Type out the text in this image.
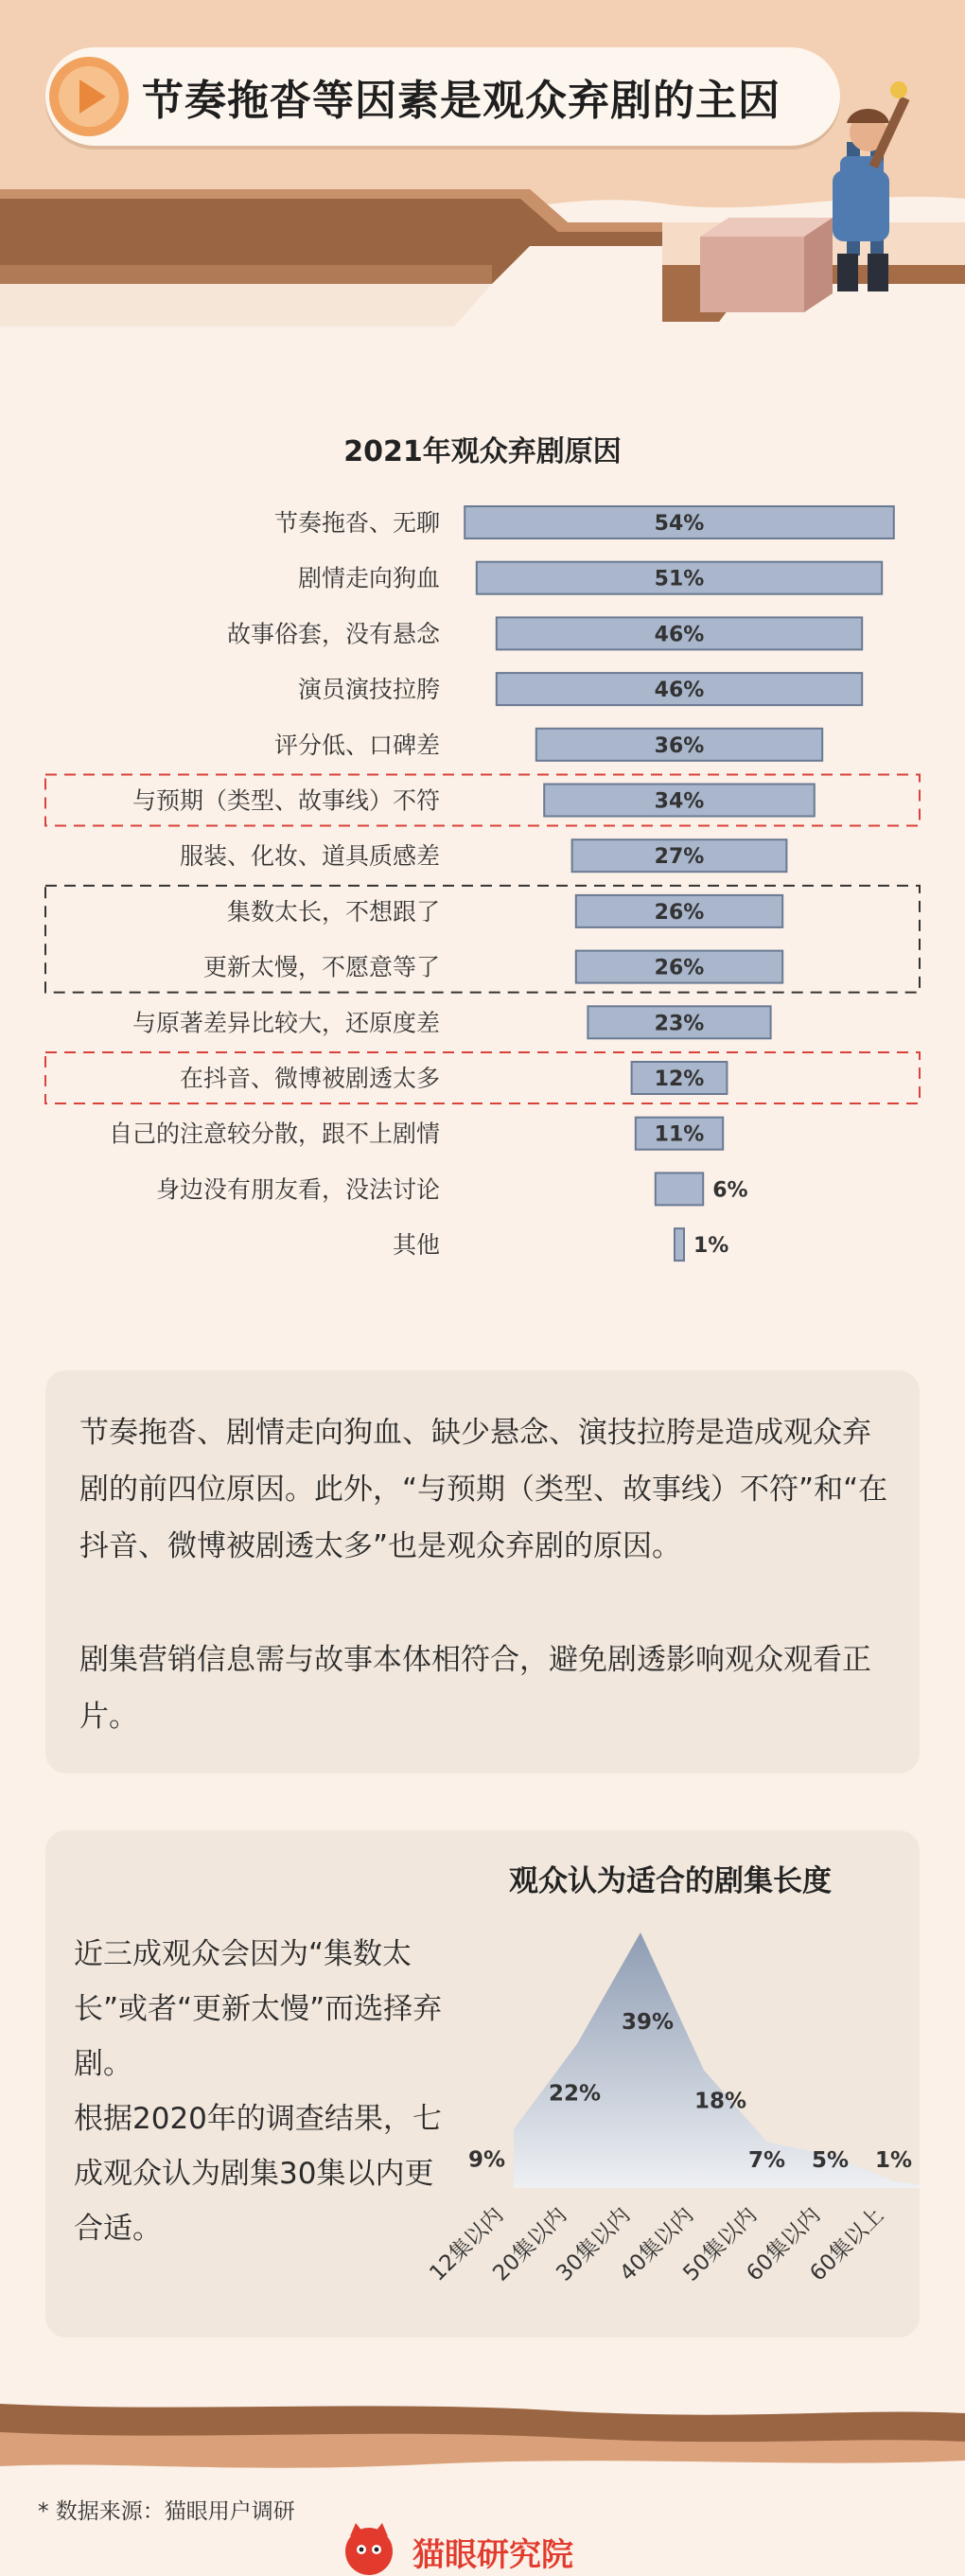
节奏拖沓等因素是观众弃剧的主因
2021年观众弃剧原因
节奏拖沓、无聊	54%
剧情走向狗血	51%
故事俗套，没有悬念	46%
演员演技拉胯	46%
评分低、口碑差	36%
与预期（类型、故事线）不符	34%
服装、化妆、道具质感差	27%
集数太长，不想跟了	26%
更新太慢，不愿意等了	26%
与原著差异比较大，还原度差	23%
在抖音、微博被剧透太多	12%
自己的注意较分散，跟不上剧情	11%
身边没有朋友看，没法讨论	6%
其他	1%

节奏拖沓、剧情走向狗血、缺少悬念、演技拉胯是造成观众弃剧的前四位原因。此外，“与预期（类型、故事线）不符”和“在抖音、微博被剧透太多”也是观众弃剧的原因。

剧集营销信息需与故事本体相符合，避免剧透影响观众观看正片。

近三成观众会因为“集数太长”或者“更新太慢”而选择弃剧。

根据2020年的调查结果，七成观众认为剧集30集以内更合适。

9%
12集以内
22%
20集以内
39%
30集以内
18%
40集以内
7%
50集以内
5%
60集以内
1%
60集以上
观众认为适合的剧集长度
* 数据来源：猫眼用户调研
猫眼研究院
